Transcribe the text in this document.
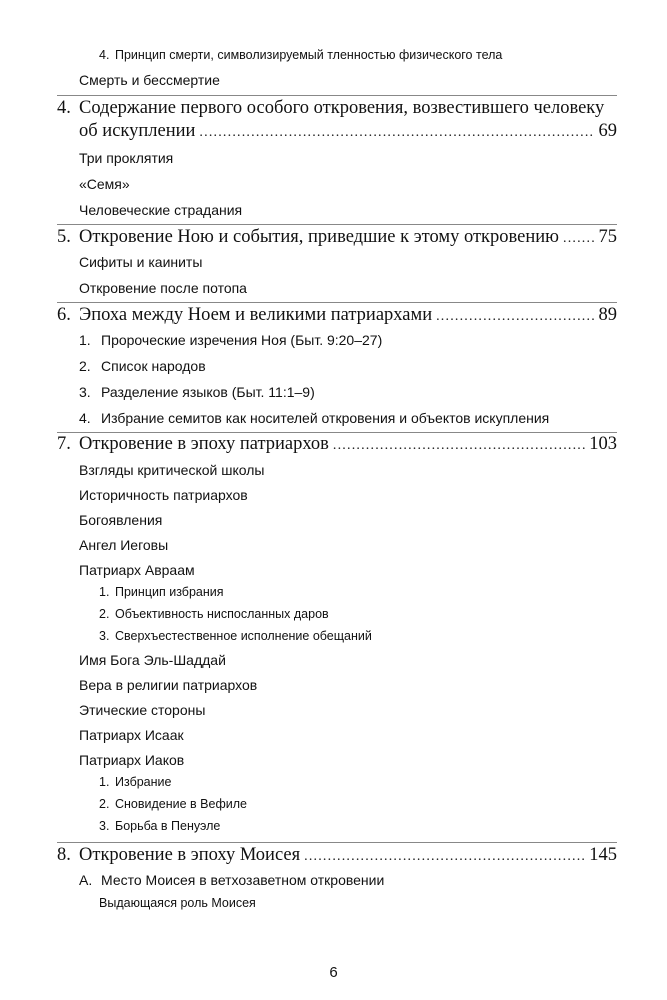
4. Принцип смерти, символизируемый тленностью физического тела
Смерть и бессмертие
4. Содержание первого особого откровения, возвестившего человеку
об искуплении .....	69
Три проклятия
«Семя»
Человеческие страдания
5. Откровение Ною и события, приведшие к этому откровению ..... 75
Сифиты и каиниты
Откровение после потопа
6. Эпоха между Ноем и великими патриархами .....	89
1. Пророческие изречения Ноя (Быт. 9:20–27)
2. Список народов
3. Разделение языков (Быт. 11:1–9)
4. Избрание семитов как носителей откровения и объектов искупления
7. Откровение в эпоху патриархов .....	103
Взгляды критической школы
Историчность патриархов
Богоявления
Ангел Иеговы
Патриарх Авраам
1. Принцип избрания
2. Объективность ниспосланных даров
3. Сверхъестественное исполнение обещаний
Имя Бога Эль-Шаддай
Вера в религии патриархов
Этические стороны
Патриарх Исаак
Патриарх Иаков
1. Избрание
2. Сновидение в Вефиле
3. Борьба в Пенуэле
8. Откровение в эпоху Моисея .....	145
A. Место Моисея в ветхозаветном откровении
Выдающаяся роль Моисея
6
